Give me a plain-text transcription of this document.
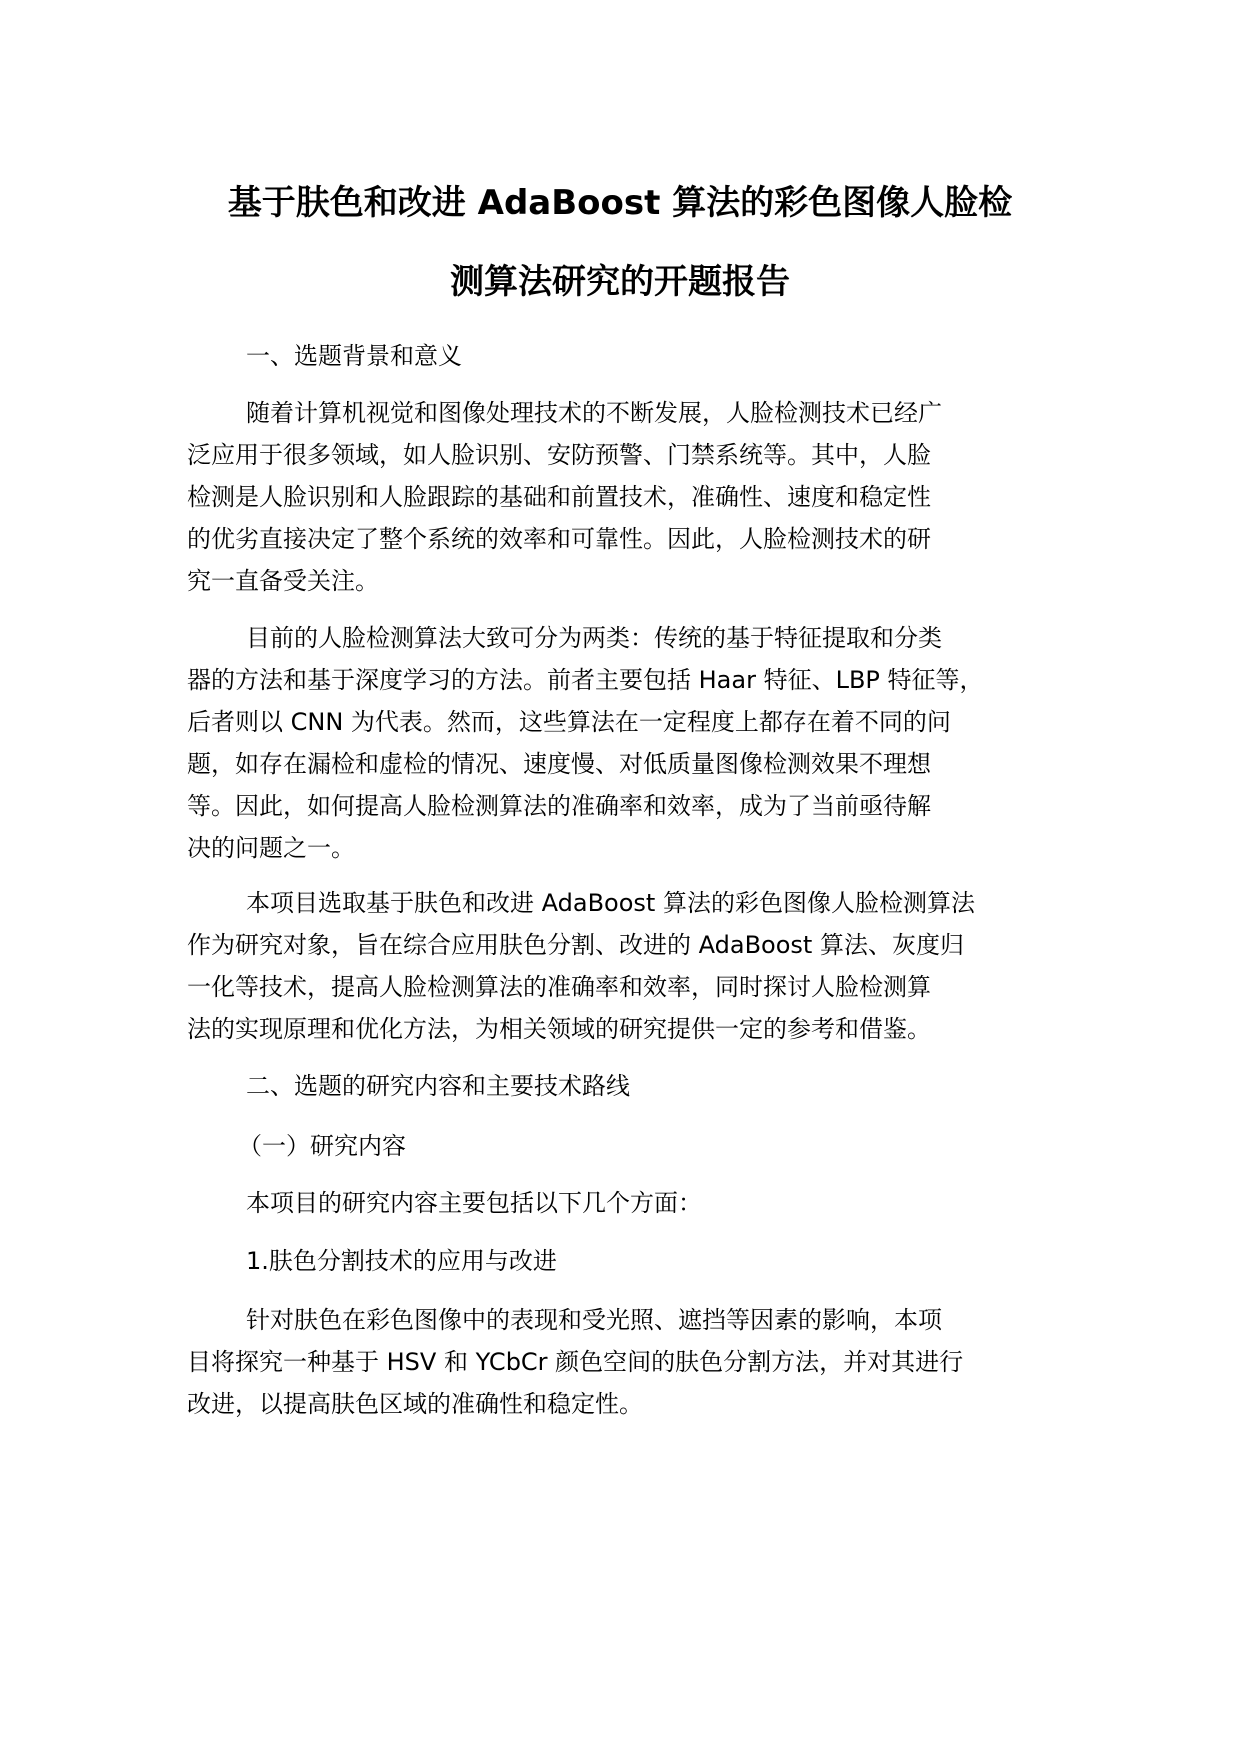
基于肤色和改进 AdaBoost 算法的彩色图像人脸检
测算法研究的开题报告
一、选题背景和意义
随着计算机视觉和图像处理技术的不断发展，人脸检测技术已经广
泛应用于很多领域，如人脸识别、安防预警、门禁系统等。其中，人脸
检测是人脸识别和人脸跟踪的基础和前置技术，准确性、速度和稳定性
的优劣直接决定了整个系统的效率和可靠性。因此，人脸检测技术的研
究一直备受关注。
目前的人脸检测算法大致可分为两类：传统的基于特征提取和分类
器的方法和基于深度学习的方法。前者主要包括 Haar 特征、LBP 特征等，
后者则以 CNN 为代表。然而，这些算法在一定程度上都存在着不同的问
题，如存在漏检和虚检的情况、速度慢、对低质量图像检测效果不理想
等。因此，如何提高人脸检测算法的准确率和效率，成为了当前亟待解
决的问题之一。
本项目选取基于肤色和改进 AdaBoost 算法的彩色图像人脸检测算法
作为研究对象，旨在综合应用肤色分割、改进的 AdaBoost 算法、灰度归
一化等技术，提高人脸检测算法的准确率和效率，同时探讨人脸检测算
法的实现原理和优化方法，为相关领域的研究提供一定的参考和借鉴。
二、选题的研究内容和主要技术路线
（一）研究内容
本项目的研究内容主要包括以下几个方面：
1.肤色分割技术的应用与改进
针对肤色在彩色图像中的表现和受光照、遮挡等因素的影响，本项
目将探究一种基于 HSV 和 YCbCr 颜色空间的肤色分割方法，并对其进行
改进，以提高肤色区域的准确性和稳定性。
